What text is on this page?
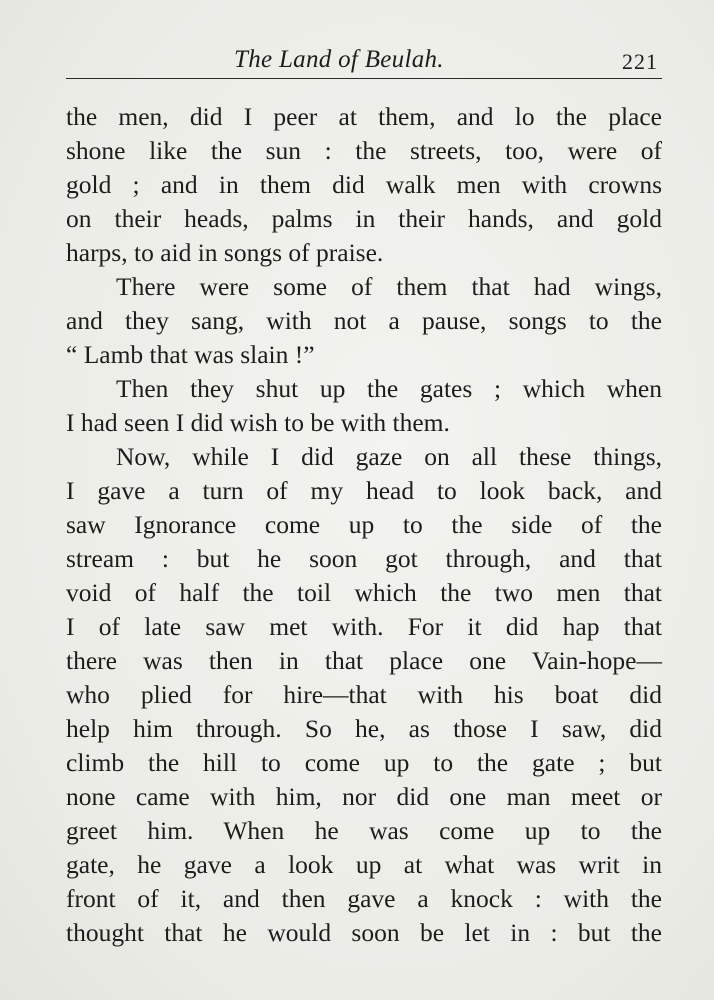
The Land of Beulah.	221
the men, did I peer at them, and lo the place
shone like the sun : the streets, too, were of
gold ; and in them did walk men with crowns
on their heads, palms in their hands, and gold
harps, to aid in songs of praise.
There were some of them that had wings,
and they sang, with not a pause, songs to the
“ Lamb that was slain !”
Then they shut up the gates ; which when
I had seen I did wish to be with them.
Now, while I did gaze on all these things,
I gave a turn of my head to look back, and
saw Ignorance come up to the side of the
stream : but he soon got through, and that
void of half the toil which the two men that
I of late saw met with. For it did hap that
there was then in that place one Vain-hope—
who plied for hire—that with his boat did
help him through. So he, as those I saw, did
climb the hill to come up to the gate ; but
none came with him, nor did one man meet or
greet him. When he was come up to the
gate, he gave a look up at what was writ in
front of it, and then gave a knock : with the
thought that he would soon be let in : but the
